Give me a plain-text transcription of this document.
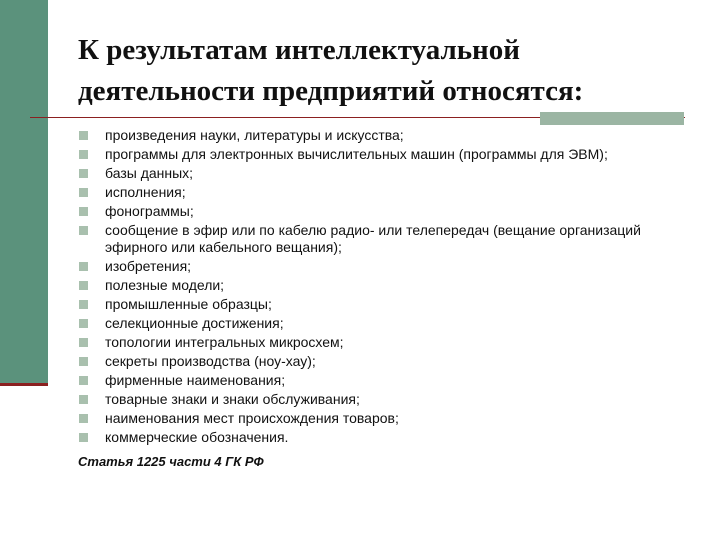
К результатам интеллектуальной
деятельности предприятий относятся:
произведения науки, литературы и искусства;
программы для электронных вычислительных машин (программы для ЭВМ);
базы данных;
исполнения;
фонограммы;
сообщение в эфир или по кабелю радио- или телепередач (вещание организаций эфирного или кабельного вещания);
изобретения;
полезные модели;
промышленные образцы;
селекционные достижения;
топологии интегральных микросхем;
секреты производства (ноу-хау);
фирменные наименования;
товарные знаки и знаки обслуживания;
наименования мест происхождения товаров;
коммерческие обозначения.

Статья 1225 части 4 ГК РФ
